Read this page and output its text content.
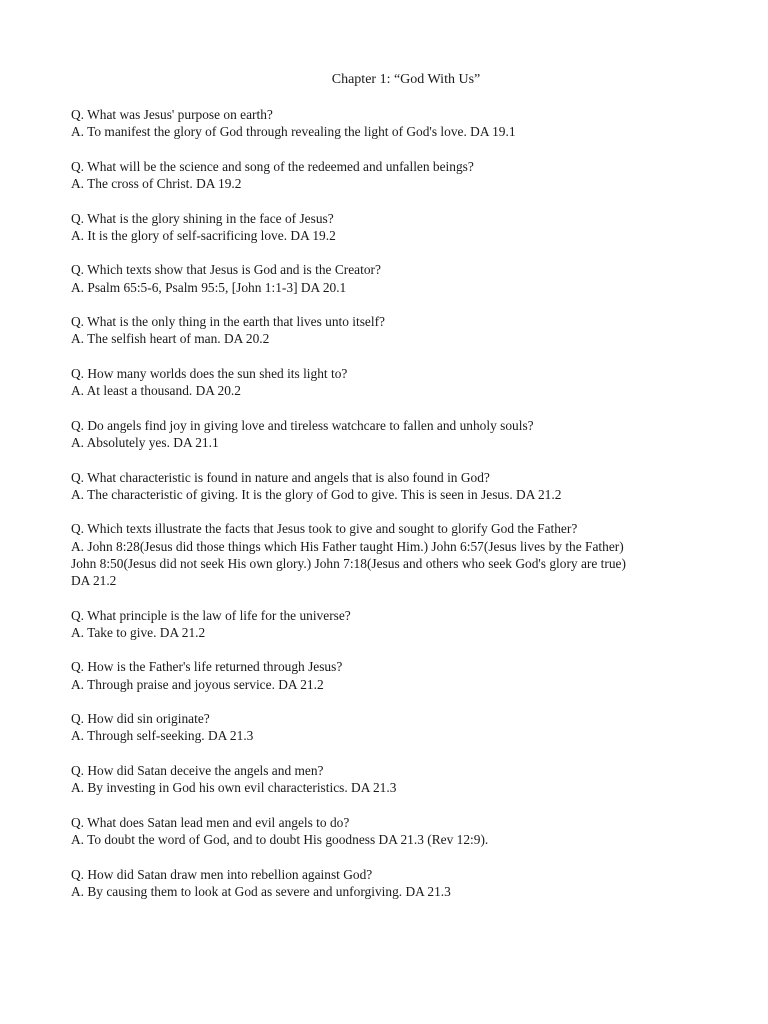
Chapter 1: “God With Us”
Q. What was Jesus' purpose on earth?
A. To manifest the glory of God through revealing the light of God's love. DA 19.1
Q. What will be the science and song of the redeemed and unfallen beings?
A. The cross of Christ. DA 19.2
Q. What is the glory shining in the face of Jesus?
A. It is the glory of self-sacrificing love. DA 19.2
Q. Which texts show that Jesus is God and is the Creator?
A. Psalm 65:5-6, Psalm 95:5, [John 1:1-3] DA 20.1
Q. What is the only thing in the earth that lives unto itself?
A. The selfish heart of man. DA 20.2
Q. How many worlds does the sun shed its light to?
A. At least a thousand. DA 20.2
Q. Do angels find joy in giving love and tireless watchcare to fallen and unholy souls?
A. Absolutely yes. DA 21.1
Q. What characteristic is found in nature and angels that is also found in God?
A. The characteristic of giving. It is the glory of God to give. This is seen in Jesus. DA 21.2
Q. Which texts illustrate the facts that Jesus took to give and sought to glorify God the Father?
A. John 8:28(Jesus did those things which His Father taught Him.) John 6:57(Jesus lives by the Father)
John 8:50(Jesus did not seek His own glory.) John 7:18(Jesus and others who seek God's glory are true)
DA 21.2
Q. What principle is the law of life for the universe?
A. Take to give. DA 21.2
Q. How is the Father's life returned through Jesus?
A. Through praise and joyous service. DA 21.2
Q. How did sin originate?
A. Through self-seeking. DA 21.3
Q. How did Satan deceive the angels and men?
A. By investing in God his own evil characteristics. DA 21.3
Q. What does Satan lead men and evil angels to do?
A. To doubt the word of God, and to doubt His goodness DA 21.3 (Rev 12:9).
Q. How did Satan draw men into rebellion against God?
A. By causing them to look at God as severe and unforgiving. DA 21.3
